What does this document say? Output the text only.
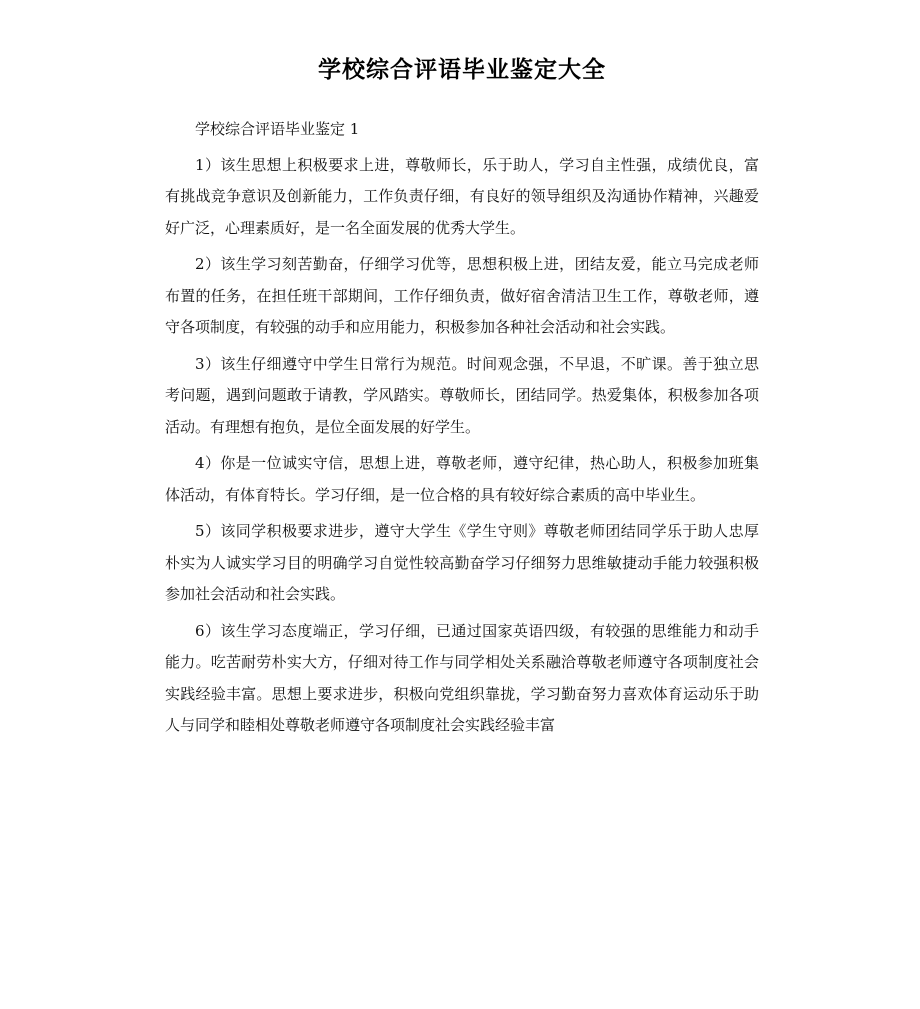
学校综合评语毕业鉴定大全

学校综合评语毕业鉴定 1

1）该生思想上积极要求上进，尊敬师长，乐于助人，学习自主性强，成绩优良，富有挑战竞争意识及创新能力，工作负责仔细，有良好的领导组织及沟通协作精神，兴趣爱好广泛，心理素质好，是一名全面发展的优秀大学生。

2）该生学习刻苦勤奋，仔细学习优等，思想积极上进，团结友爱，能立马完成老师布置的任务，在担任班干部期间，工作仔细负责，做好宿舍清洁卫生工作，尊敬老师，遵守各项制度，有较强的动手和应用能力，积极参加各种社会活动和社会实践。

3）该生仔细遵守中学生日常行为规范。时间观念强，不早退，不旷课。善于独立思考问题，遇到问题敢于请教，学风踏实。尊敬师长，团结同学。热爱集体，积极参加各项活动。有理想有抱负，是位全面发展的好学生。

4）你是一位诚实守信，思想上进，尊敬老师，遵守纪律，热心助人，积极参加班集体活动，有体育特长。学习仔细，是一位合格的具有较好综合素质的高中毕业生。

5）该同学积极要求进步，遵守大学生《学生守则》尊敬老师团结同学乐于助人忠厚朴实为人诚实学习目的明确学习自觉性较高勤奋学习仔细努力思维敏捷动手能力较强积极参加社会活动和社会实践。

6）该生学习态度端正，学习仔细，已通过国家英语四级，有较强的思维能力和动手能力。吃苦耐劳朴实大方，仔细对待工作与同学相处关系融洽尊敬老师遵守各项制度社会实践经验丰富。思想上要求进步，积极向党组织靠拢，学习勤奋努力喜欢体育运动乐于助人与同学和睦相处尊敬老师遵守各项制度社会实践经验丰富
